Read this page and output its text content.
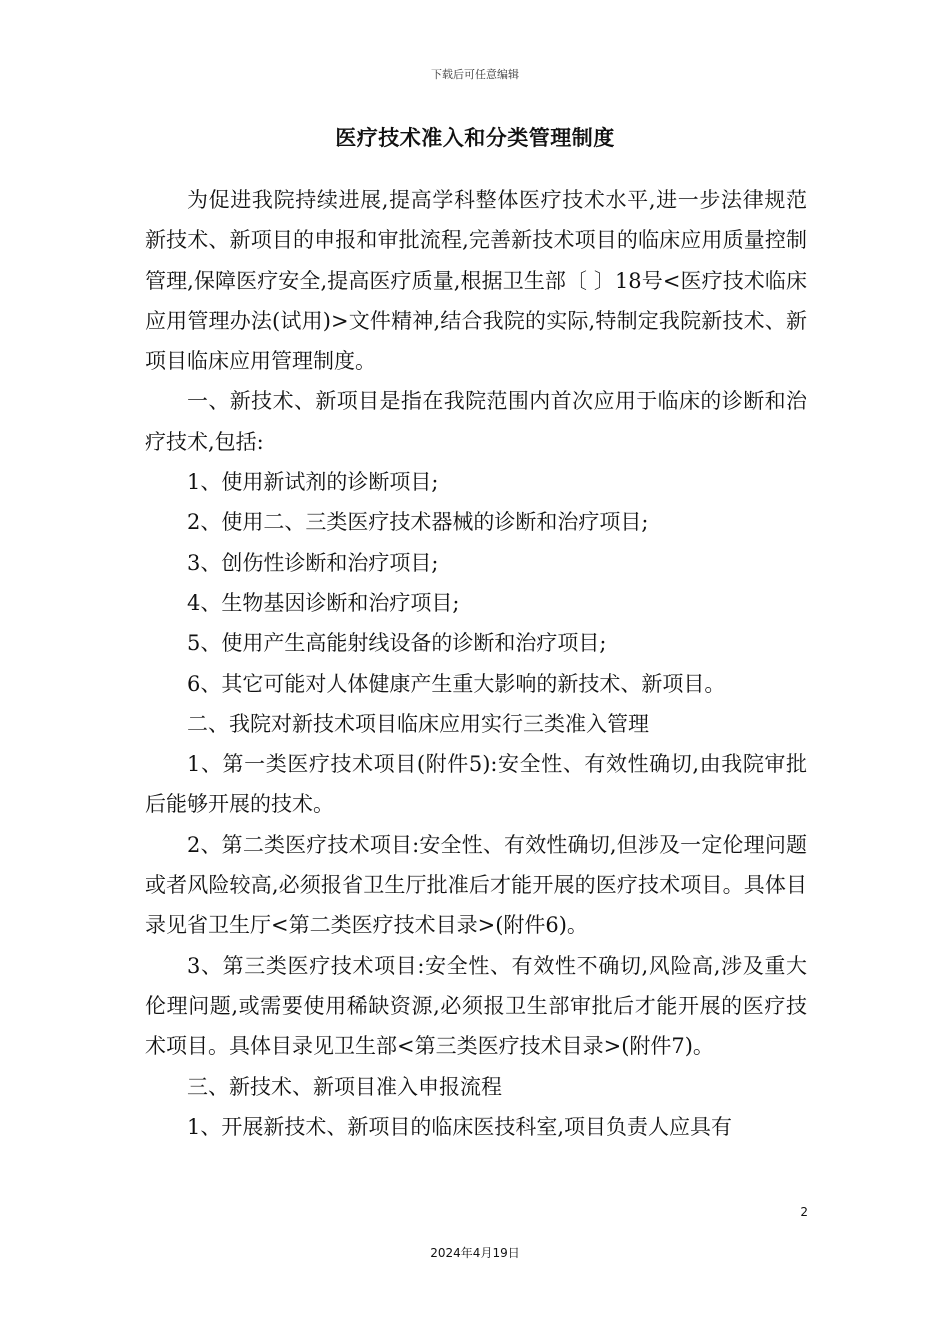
下载后可任意编辑
医疗技术准入和分类管理制度

为促进我院持续进展,提高学科整体医疗技术水平,进一步法律规范新技术、新项目的申报和审批流程,完善新技术项目的临床应用质量控制管理,保障医疗安全,提高医疗质量,根据卫生部〔 〕18号<医疗技术临床应用管理办法(试用)>文件精神,结合我院的实际,特制定我院新技术、新项目临床应用管理制度。

一、新技术、新项目是指在我院范围内首次应用于临床的诊断和治疗技术,包括:

1、使用新试剂的诊断项目;

2、使用二、三类医疗技术器械的诊断和治疗项目;

3、创伤性诊断和治疗项目;

4、生物基因诊断和治疗项目;

5、使用产生高能射线设备的诊断和治疗项目;

6、其它可能对人体健康产生重大影响的新技术、新项目。

二、我院对新技术项目临床应用实行三类准入管理

1、第一类医疗技术项目(附件5):安全性、有效性确切,由我院审批后能够开展的技术。

2、第二类医疗技术项目:安全性、有效性确切,但涉及一定伦理问题或者风险较高,必须报省卫生厅批准后才能开展的医疗技术项目。具体目录见省卫生厅<第二类医疗技术目录>(附件6)。

3、第三类医疗技术项目:安全性、有效性不确切,风险高,涉及重大伦理问题,或需要使用稀缺资源,必须报卫生部审批后才能开展的医疗技术项目。具体目录见卫生部<第三类医疗技术目录>(附件7)。

三、新技术、新项目准入申报流程

1、开展新技术、新项目的临床医技科室,项目负责人应具有

2
2024年4月19日
